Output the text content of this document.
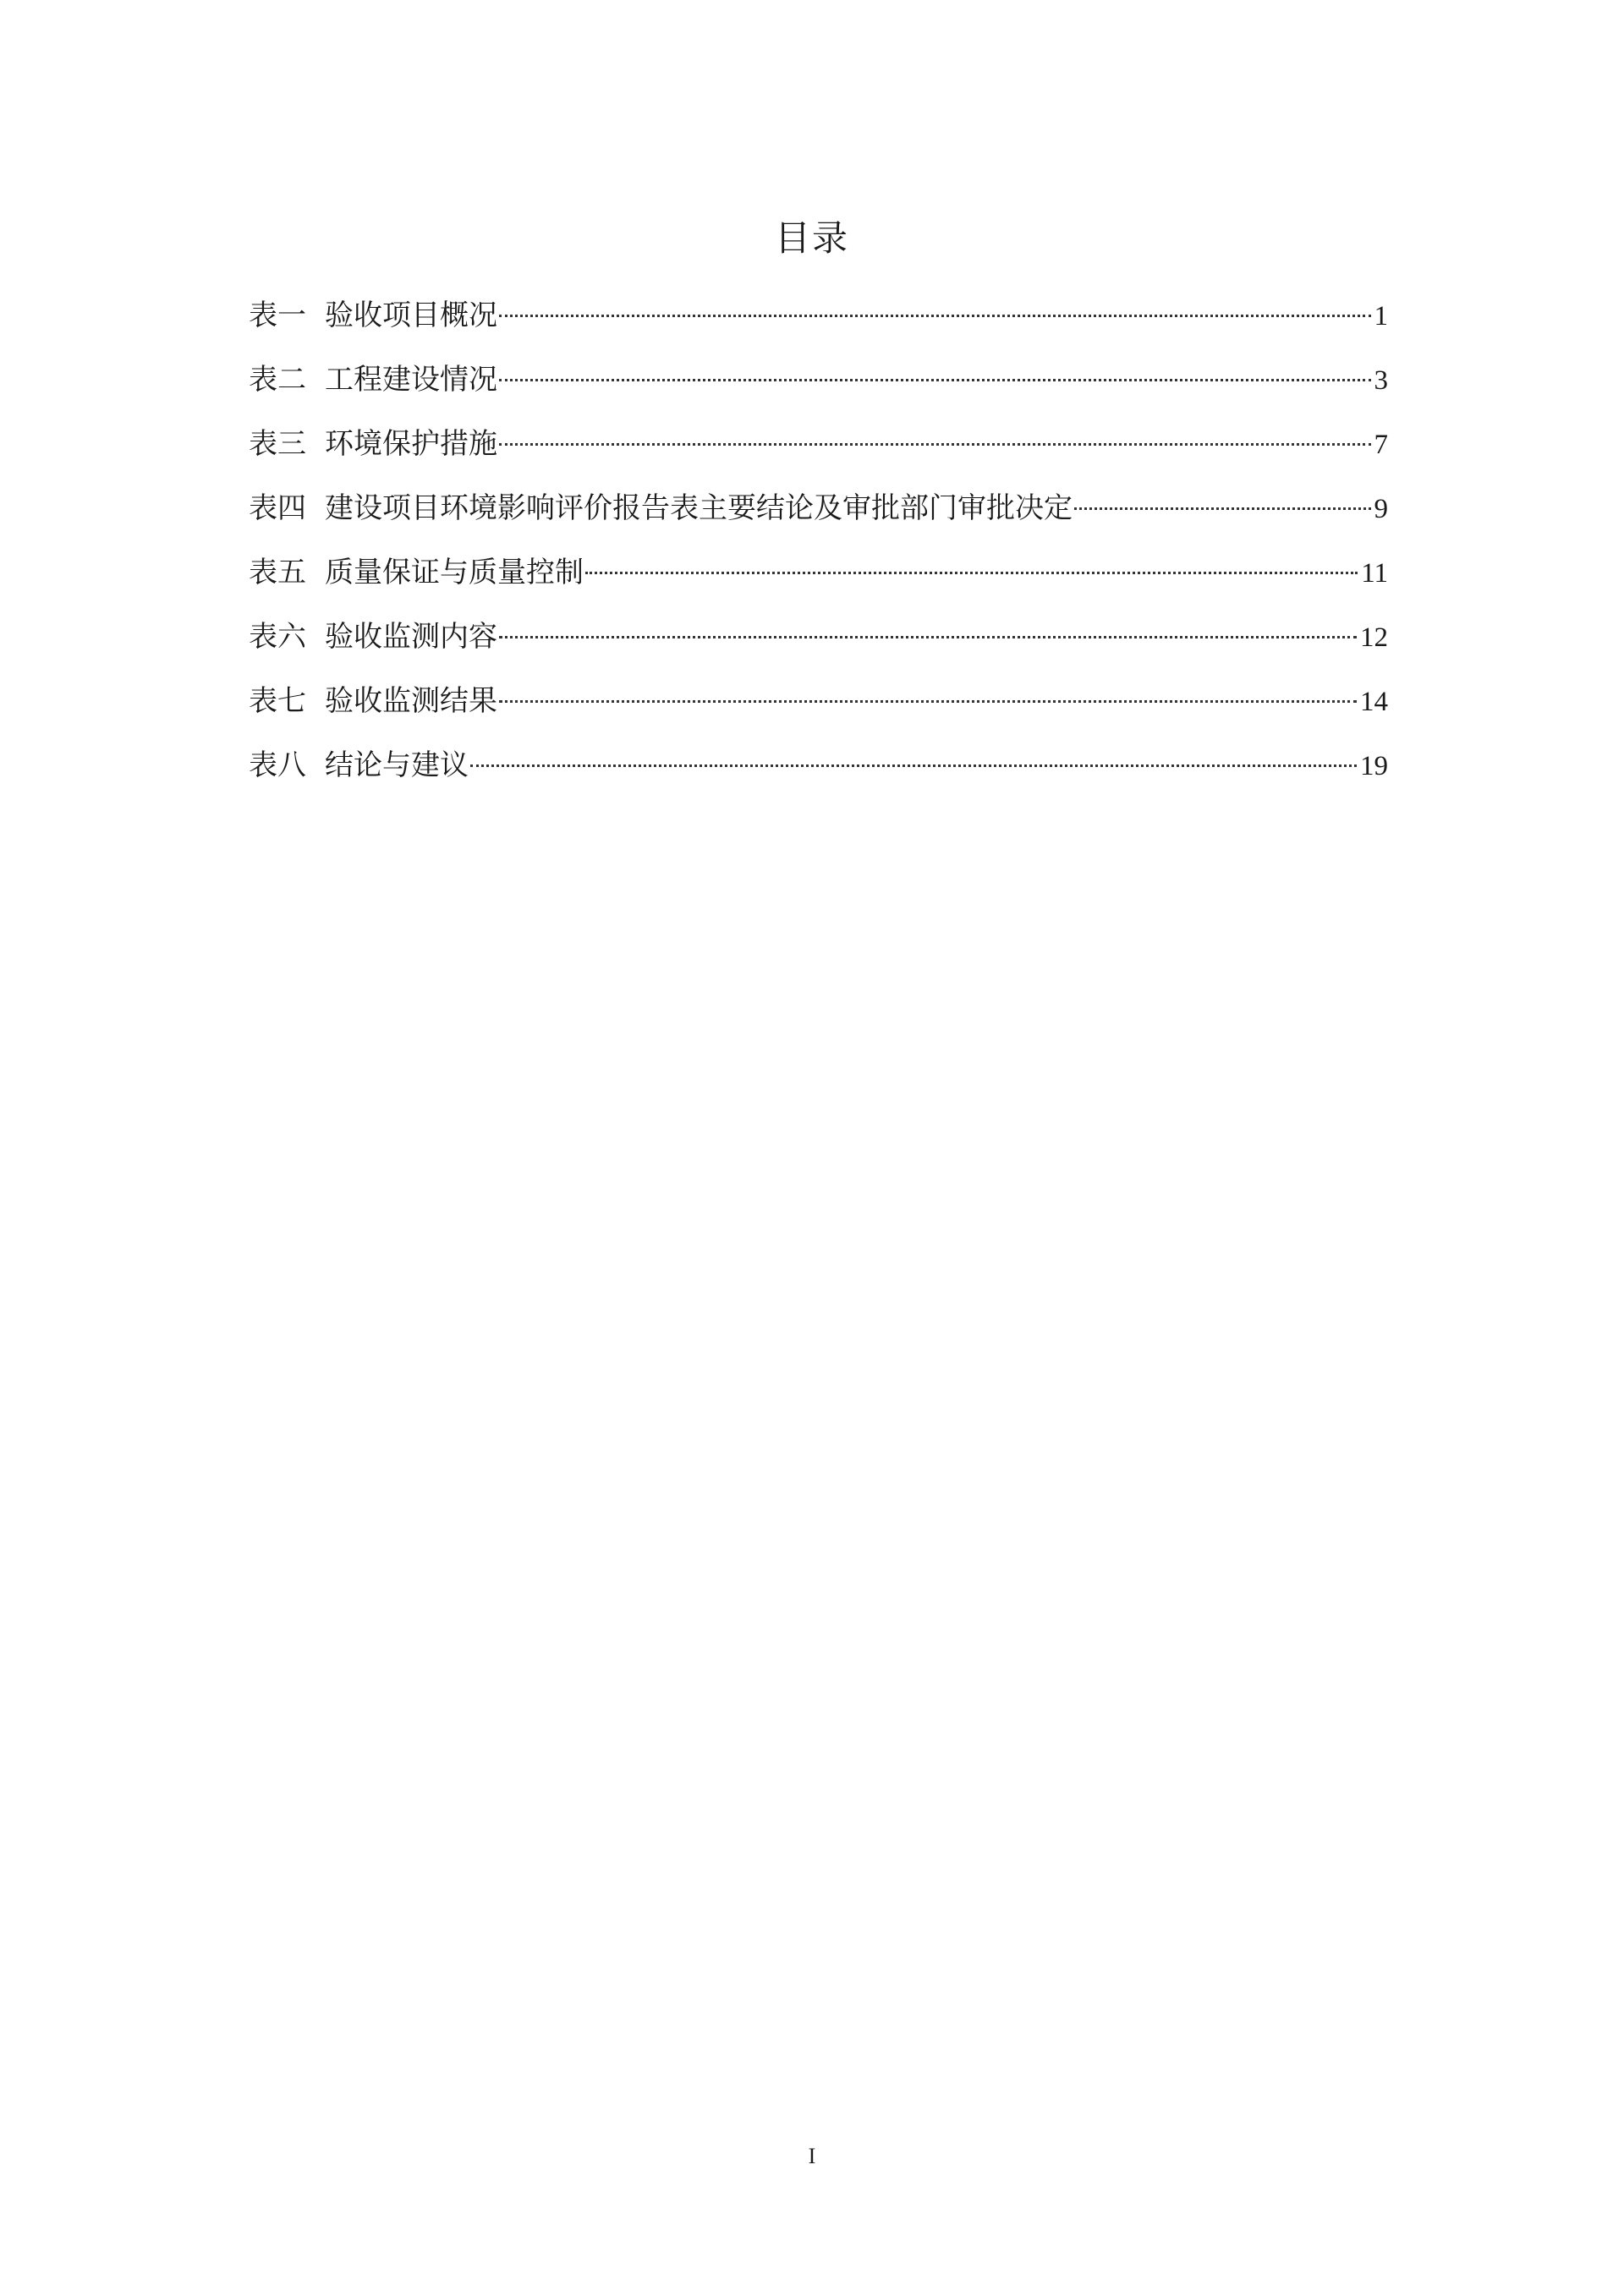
目录
表一 验收项目概况	1
表二 工程建设情况	3
表三 环境保护措施	7
表四 建设项目环境影响评价报告表主要结论及审批部门审批决定	9
表五 质量保证与质量控制	11
表六 验收监测内容	12
表七 验收监测结果	14
表八 结论与建议	19
I
